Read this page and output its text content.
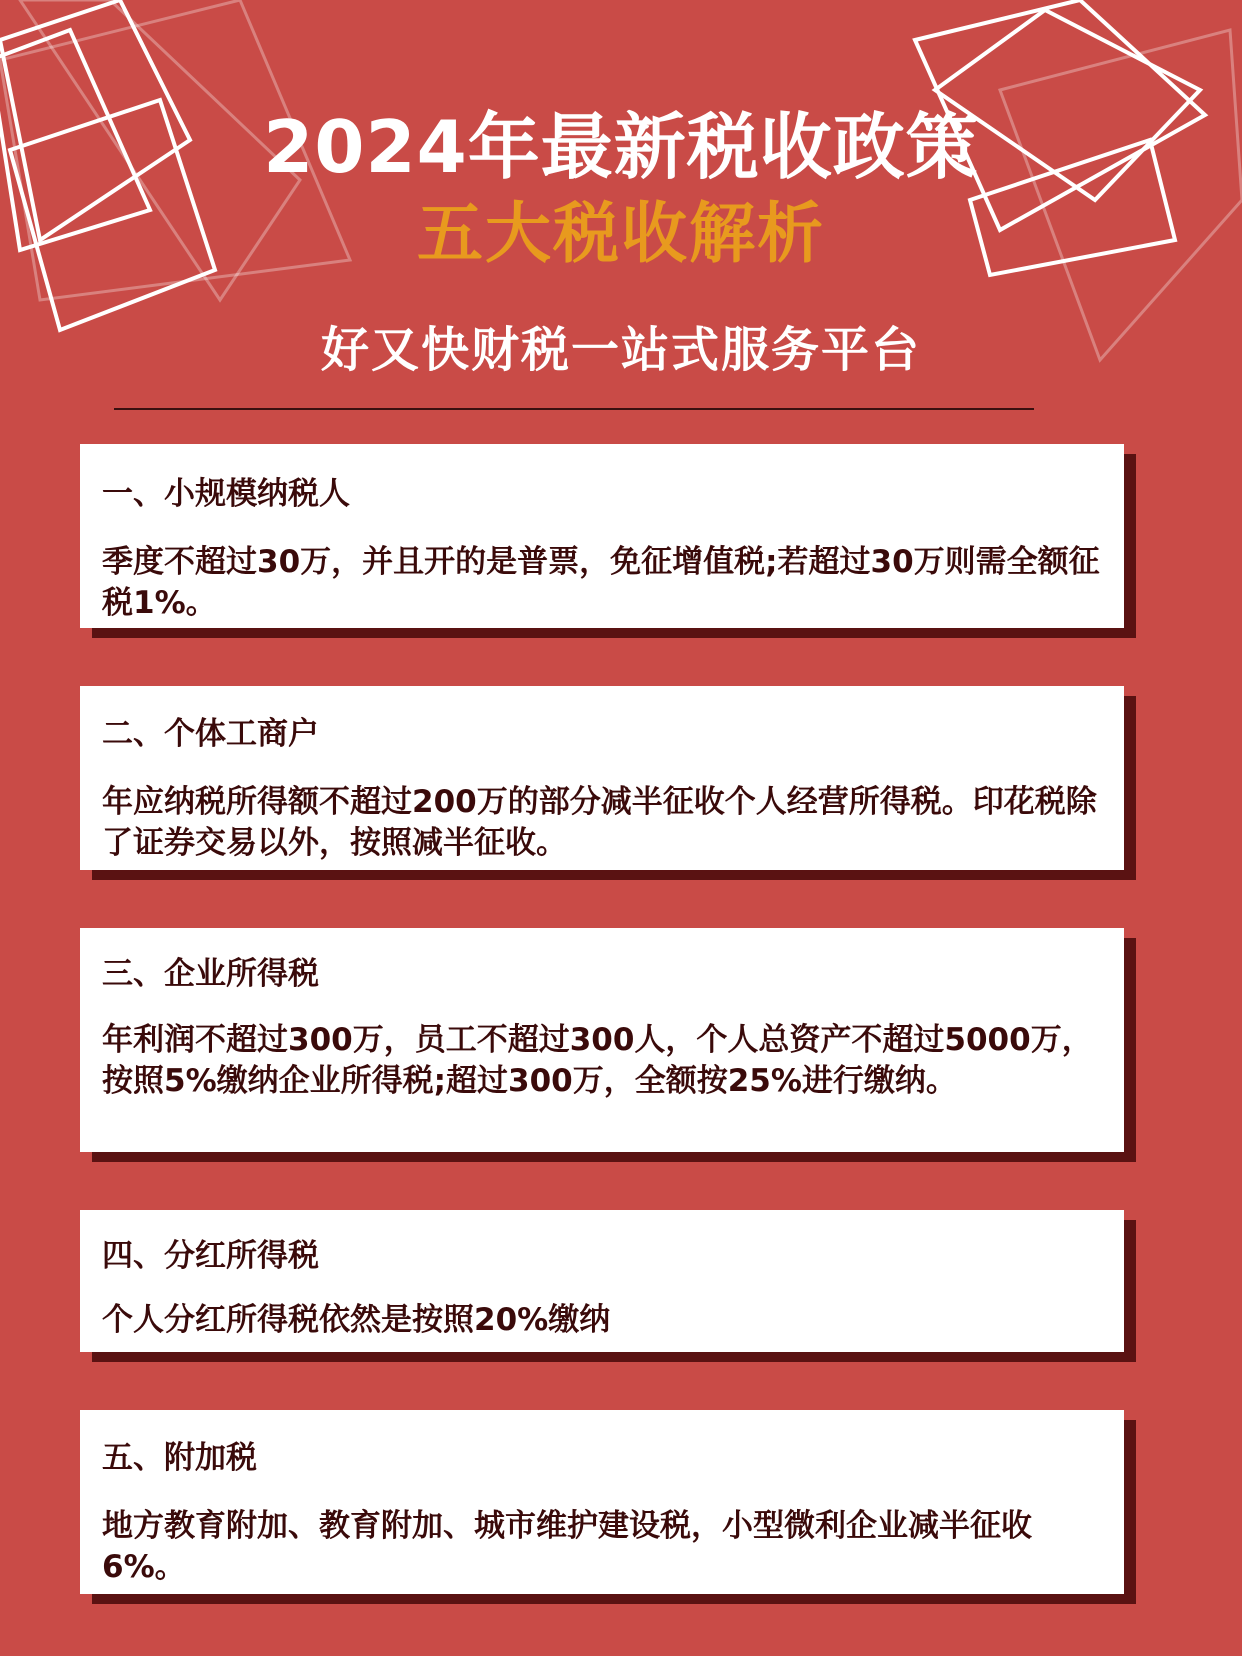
2024年最新税收政策
五大税收解析
好又快财税一站式服务平台
一、小规模纳税人
季度不超过30万，并且开的是普票，免征增值税;若超过30万则需全额征税1%。
二、个体工商户
年应纳税所得额不超过200万的部分减半征收个人经营所得税。印花税除了证券交易以外，按照减半征收。
三、企业所得税
年利润不超过300万，员工不超过300人，个人总资产不超过5000万，按照5%缴纳企业所得税;超过300万，全额按25%进行缴纳。
四、分红所得税
个人分红所得税依然是按照20%缴纳
五、附加税
地方教育附加、教育附加、城市维护建设税，小型微利企业减半征收6%。
